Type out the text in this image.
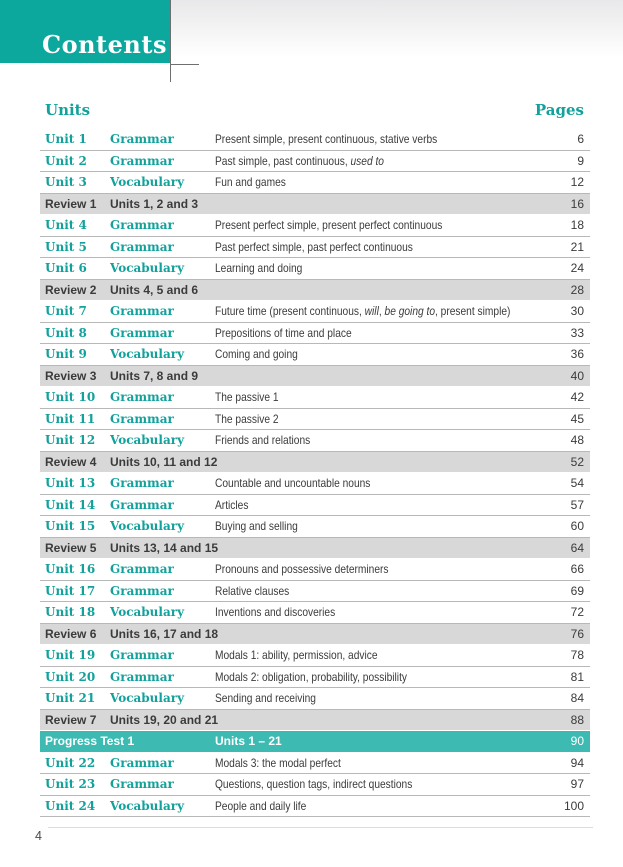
Contents
Units	Pages
Unit 1	Grammar	Present simple, present continuous, stative verbs	6
Unit 2	Grammar	Past simple, past continuous, used to	9
Unit 3	Vocabulary	Fun and games	12
Review 1	Units 1, 2 and 3	16
Unit 4	Grammar	Present perfect simple, present perfect continuous	18
Unit 5	Grammar	Past perfect simple, past perfect continuous	21
Unit 6	Vocabulary	Learning and doing	24
Review 2	Units 4, 5 and 6	28
Unit 7	Grammar	Future time (present continuous, will, be going to, present simple)	30
Unit 8	Grammar	Prepositions of time and place	33
Unit 9	Vocabulary	Coming and going	36
Review 3	Units 7, 8 and 9	40
Unit 10	Grammar	The passive 1	42
Unit 11	Grammar	The passive 2	45
Unit 12	Vocabulary	Friends and relations	48
Review 4	Units 10, 11 and 12	52
Unit 13	Grammar	Countable and uncountable nouns	54
Unit 14	Grammar	Articles	57
Unit 15	Vocabulary	Buying and selling	60
Review 5	Units 13, 14 and 15	64
Unit 16	Grammar	Pronouns and possessive determiners	66
Unit 17	Grammar	Relative clauses	69
Unit 18	Vocabulary	Inventions and discoveries	72
Review 6	Units 16, 17 and 18	76
Unit 19	Grammar	Modals 1: ability, permission, advice	78
Unit 20	Grammar	Modals 2: obligation, probability, possibility	81
Unit 21	Vocabulary	Sending and receiving	84
Review 7	Units 19, 20 and 21	88
Progress Test 1	Units 1 – 21	90
Unit 22	Grammar	Modals 3: the modal perfect	94
Unit 23	Grammar	Questions, question tags, indirect questions	97
Unit 24	Vocabulary	People and daily life	100
4
